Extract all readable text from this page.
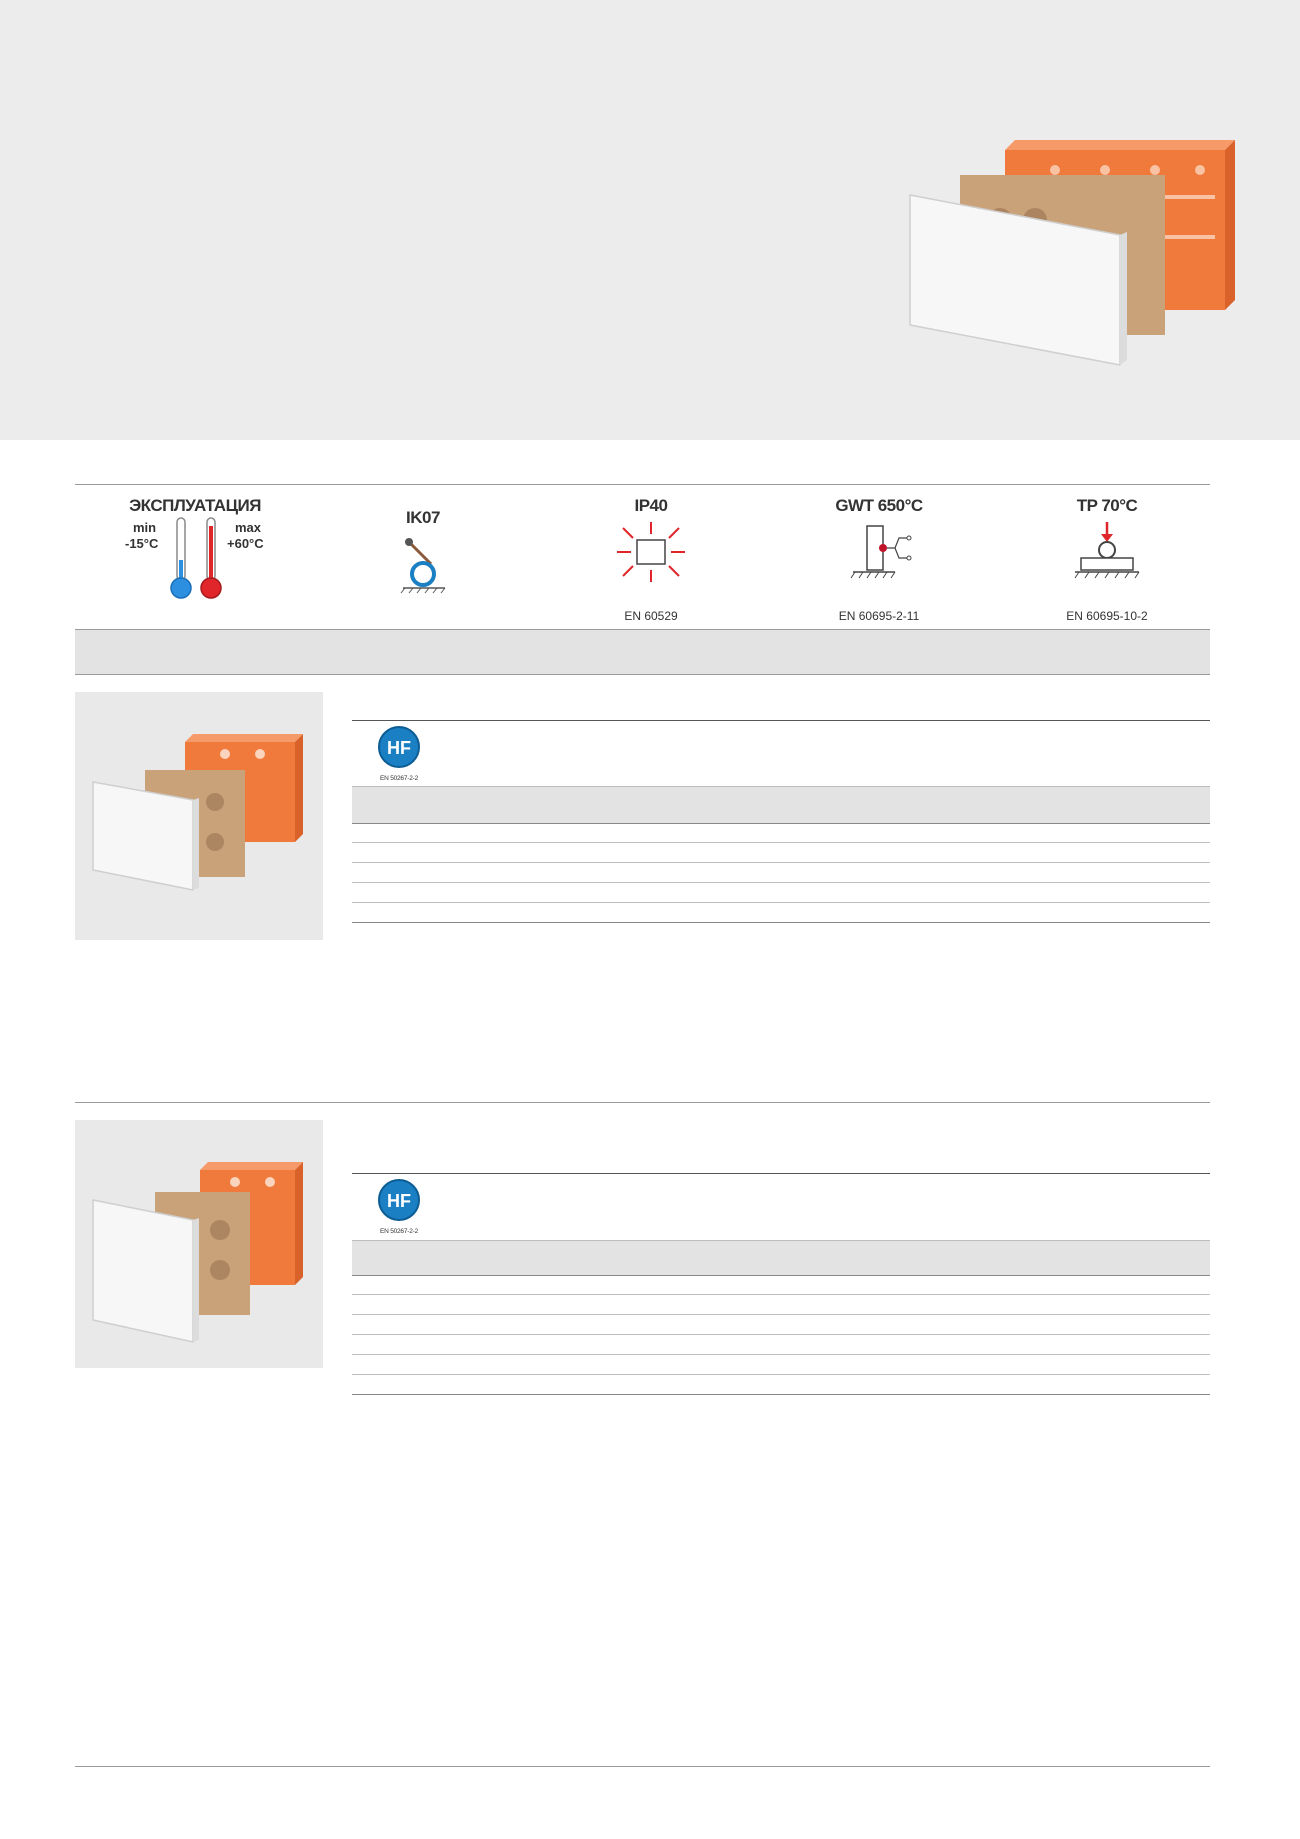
ЭКСПЛУАТАЦИЯ
min
-15°C
max
+60°C
IK07
IP40
EN 60529
GWT 650°C
EN 60695-2-11
TP 70°C
EN 60695-10-2
HF
EN 50267-2-2
HF
EN 50267-2-2
